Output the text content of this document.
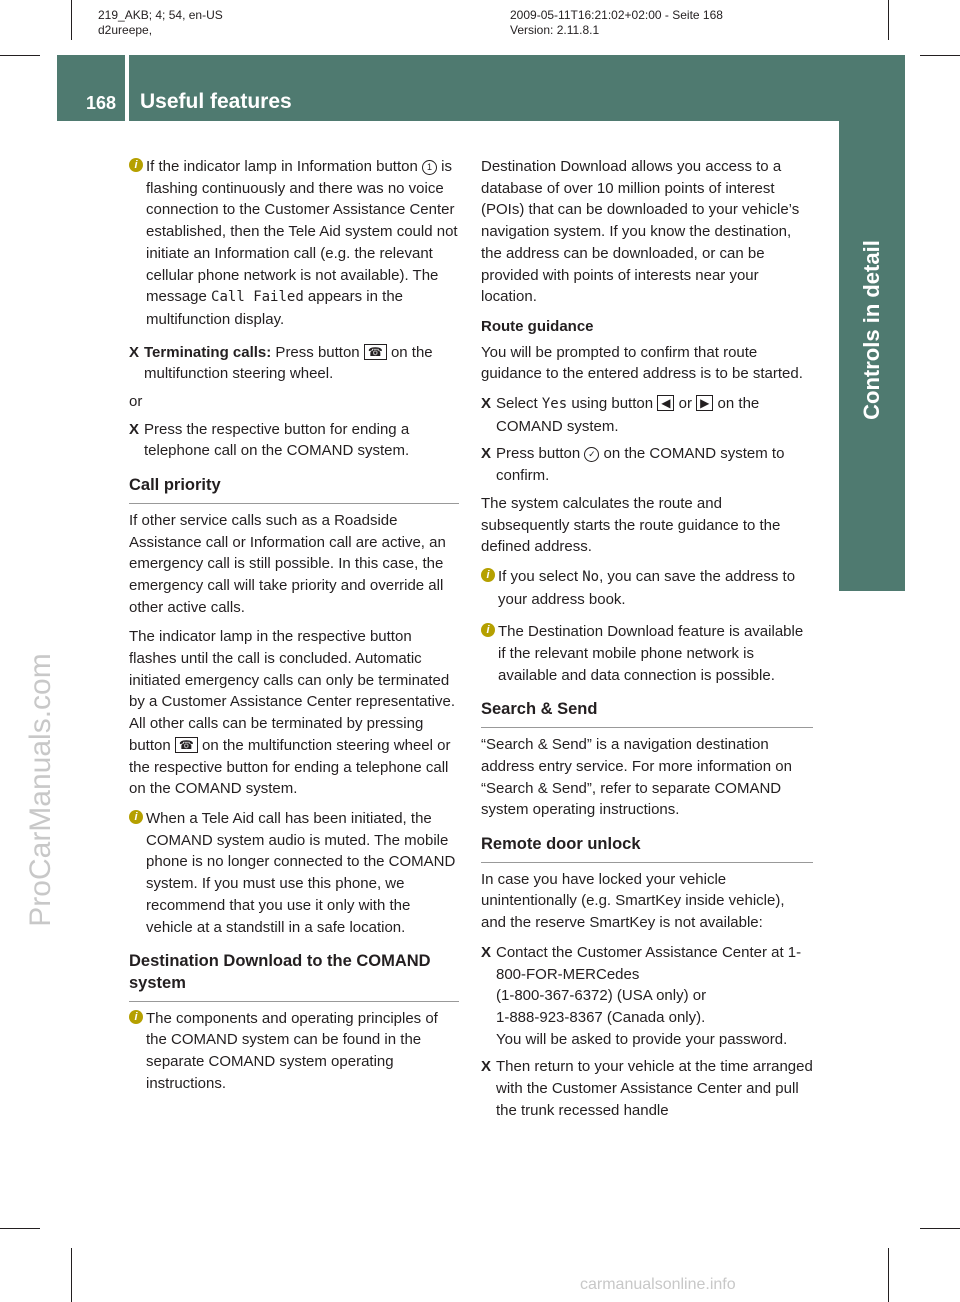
219_AKB; 4; 54, en-US
d2ureepe,
2009-05-11T16:21:02+02:00 - Seite 168
Version: 2.11.8.1
168 Useful features
Controls in detail
ProCarManuals.com
carmanualsonline.info
i If the indicator lamp in Information button 1 is flashing continuously and there was no voice connection to the Customer Assistance Center established, then the Tele Aid system could not initiate an Information call (e.g. the relevant cellular phone network is not available). The message Call Failed appears in the multifunction display.
X Terminating calls: Press button ☎ on the multifunction steering wheel.
or
X Press the respective button for ending a telephone call on the COMAND system.
Call priority

If other service calls such as a Roadside Assistance call or Information call are active, an emergency call is still possible. In this case, the emergency call will take priority and override all other active calls.

The indicator lamp in the respective button flashes until the call is concluded. Automatic initiated emergency calls can only be terminated by a Customer Assistance Center representative. All other calls can be terminated by pressing button ☎ on the multifunction steering wheel or the respective button for ending a telephone call on the COMAND system.

i When a Tele Aid call has been initiated, the COMAND system audio is muted. The mobile phone is no longer connected to the COMAND system. If you must use this phone, we recommend that you use it only with the vehicle at a standstill in a safe location.
Destination Download to the COMAND system
i The components and operating principles of the COMAND system can be found in the separate COMAND system operating instructions.

Destination Download allows you access to a database of over 10 million points of interest (POIs) that can be downloaded to your vehicle’s navigation system. If you know the destination, the address can be downloaded, or can be provided with points of interests near your location.

Route guidance

You will be prompted to confirm that route guidance to the entered address is to be started.

X Select Yes using button ◀ or ▶ on the COMAND system.
X Press button ✓ on the COMAND system to confirm.

The system calculates the route and subsequently starts the route guidance to the defined address.

i If you select No, you can save the address to your address book.
i The Destination Download feature is available if the relevant mobile phone network is available and data connection is possible.
Search & Send

“Search & Send” is a navigation destination address entry service. For more information on “Search & Send”, refer to separate COMAND system operating instructions.

Remote door unlock

In case you have locked your vehicle unintentionally (e.g. SmartKey inside vehicle), and the reserve SmartKey is not available:

X Contact the Customer Assistance Center at 1-800-FOR-MERCedes
(1-800-367-6372) (USA only) or
1-888-923-8367 (Canada only).
You will be asked to provide your password.
X Then return to your vehicle at the time arranged with the Customer Assistance Center and pull the trunk recessed handle
